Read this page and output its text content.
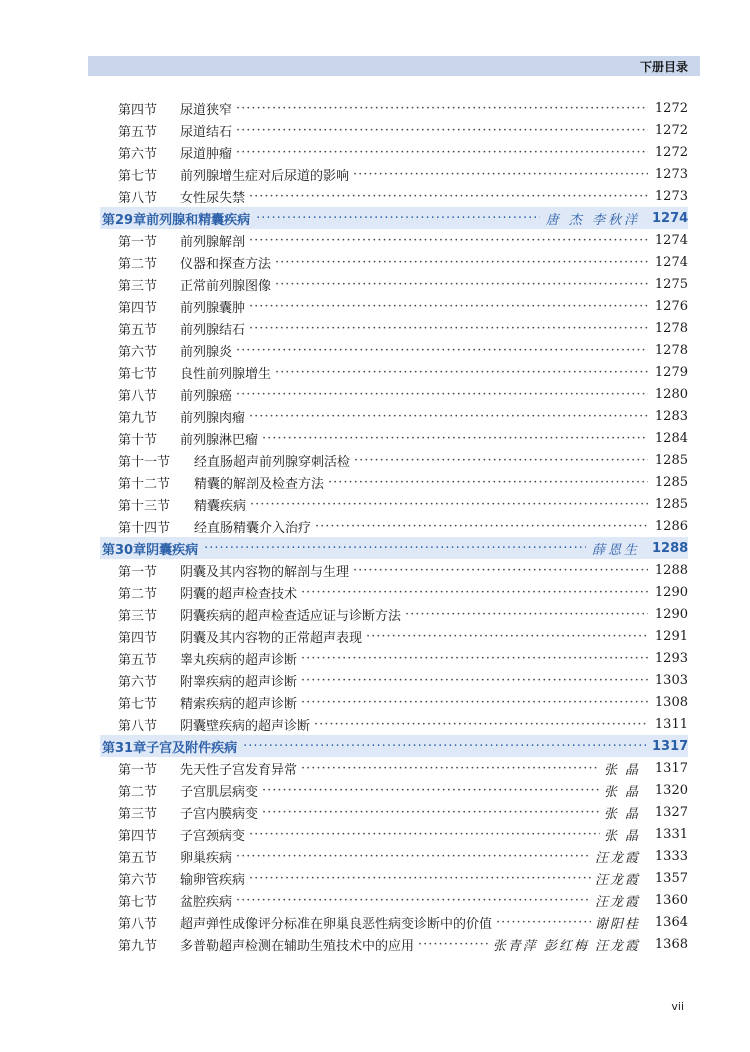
下册目录
第四节	尿道狭窄 ·····	1272
第五节	尿道结石 ·····	1272
第六节	尿道肿瘤 ·····	1272
第七节	前列腺增生症对后尿道的影响 ·····	1273
第八节	女性尿失禁 ·····	1273
第29章 前列腺和精囊疾病 ·····	唐 杰 李秋洋 1274
第一节	前列腺解剖 ·····	1274
第二节	仪器和探查方法 ·····	1274
第三节	正常前列腺图像 ·····	1275
第四节	前列腺囊肿 ·····	1276
第五节	前列腺结石 ·····	1278
第六节	前列腺炎 ·····	1278
第七节	良性前列腺增生 ·····	1279
第八节	前列腺癌 ·····	1280
第九节	前列腺肉瘤 ·····	1283
第十节	前列腺淋巴瘤 ·····	1284
第十一节	经直肠超声前列腺穿刺活检 ·····	1285
第十二节	精囊的解剖及检查方法 ·····	1285
第十三节	精囊疾病 ·····	1285
第十四节	经直肠精囊介入治疗 ·····	1286
第30章 阴囊疾病 ·····	薛恩生 1288
第一节	阴囊及其内容物的解剖与生理 ·····	1288
第二节	阴囊的超声检查技术 ·····	1290
第三节	阴囊疾病的超声检查适应证与诊断方法 ·····	1290
第四节	阴囊及其内容物的正常超声表现 ·····	1291
第五节	睾丸疾病的超声诊断 ·····	1293
第六节	附睾疾病的超声诊断 ·····	1303
第七节	精索疾病的超声诊断 ·····	1308
第八节	阴囊壁疾病的超声诊断 ·····	1311
第31章 子宫及附件疾病 ·····	1317
第一节	先天性子宫发育异常 ·····	张 晶 1317
第二节	子宫肌层病变 ·····	张 晶 1320
第三节	子宫内膜病变 ·····	张 晶 1327
第四节	子宫颈病变 ·····	张 晶 1331
第五节	卵巢疾病 ·····	汪龙霞 1333
第六节	输卵管疾病 ·····	汪龙霞 1357
第七节	盆腔疾病 ·····	汪龙霞 1360
第八节	超声弹性成像评分标准在卵巢良恶性病变诊断中的价值 ·····	谢阳桂 1364
第九节	多普勒超声检测在辅助生殖技术中的应用 ·····	张青萍 彭红梅 汪龙霞 1368
vii
